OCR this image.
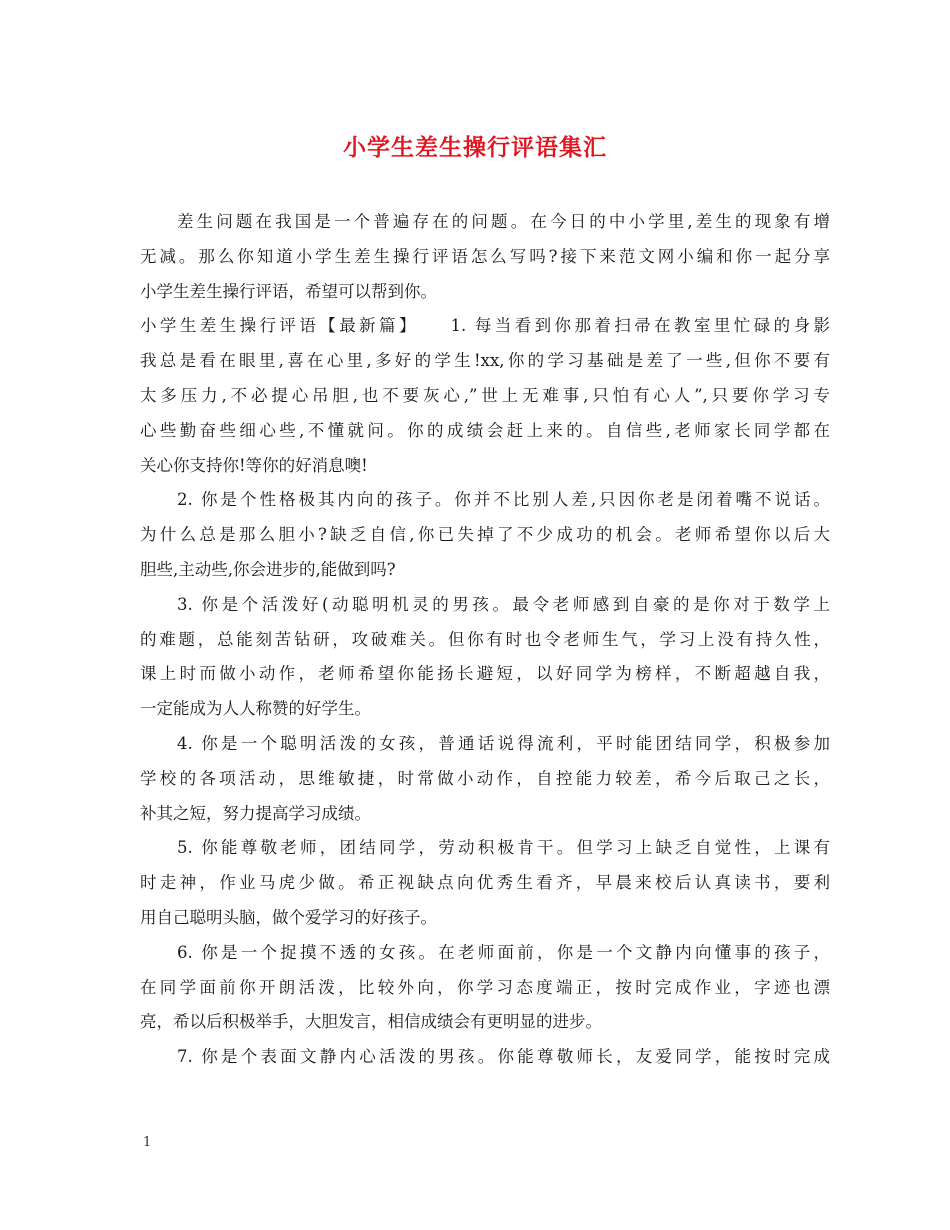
小学生差生操行评语集汇
差生问题在我国是一个普遍存在的问题。在今日的中小学里,差生的现象有增
无减。那么你知道小学生差生操行评语怎么写吗?接下来范文网小编和你一起分享
小学生差生操行评语，希望可以帮到你。
小学生差生操行评语【最新篇】　　1. 每当看到你那着扫帚在教室里忙碌的身影
我总是看在眼里,喜在心里,多好的学生!xx,你的学习基础是差了一些,但你不要有
太多压力,不必提心吊胆,也不要灰心,”世上无难事,只怕有心人”,只要你学习专
心些勤奋些细心些,不懂就问。你的成绩会赶上来的。自信些,老师家长同学都在
关心你支持你!等你的好消息噢!
2. 你是个性格极其内向的孩子。你并不比别人差,只因你老是闭着嘴不说话。
为什么总是那么胆小?缺乏自信,你已失掉了不少成功的机会。老师希望你以后大
胆些,主动些,你会进步的,能做到吗?
3. 你是个活泼好(动聪明机灵的男孩。最令老师感到自豪的是你对于数学上
的难题，总能刻苦钻研，攻破难关。但你有时也令老师生气，学习上没有持久性，
课上时而做小动作，老师希望你能扬长避短，以好同学为榜样，不断超越自我，
一定能成为人人称赞的好学生。
4. 你是一个聪明活泼的女孩，普通话说得流利，平时能团结同学，积极参加
学校的各项活动，思维敏捷，时常做小动作，自控能力较差，希今后取己之长，
补其之短，努力提高学习成绩。
5. 你能尊敬老师，团结同学，劳动积极肯干。但学习上缺乏自觉性，上课有
时走神，作业马虎少做。希正视缺点向优秀生看齐，早晨来校后认真读书，要利
用自己聪明头脑，做个爱学习的好孩子。
6. 你是一个捉摸不透的女孩。在老师面前，你是一个文静内向懂事的孩子，
在同学面前你开朗活泼，比较外向，你学习态度端正，按时完成作业，字迹也漂
亮，希以后积极举手，大胆发言，相信成绩会有更明显的进步。
7. 你是个表面文静内心活泼的男孩。你能尊敬师长，友爱同学，能按时完成
1
